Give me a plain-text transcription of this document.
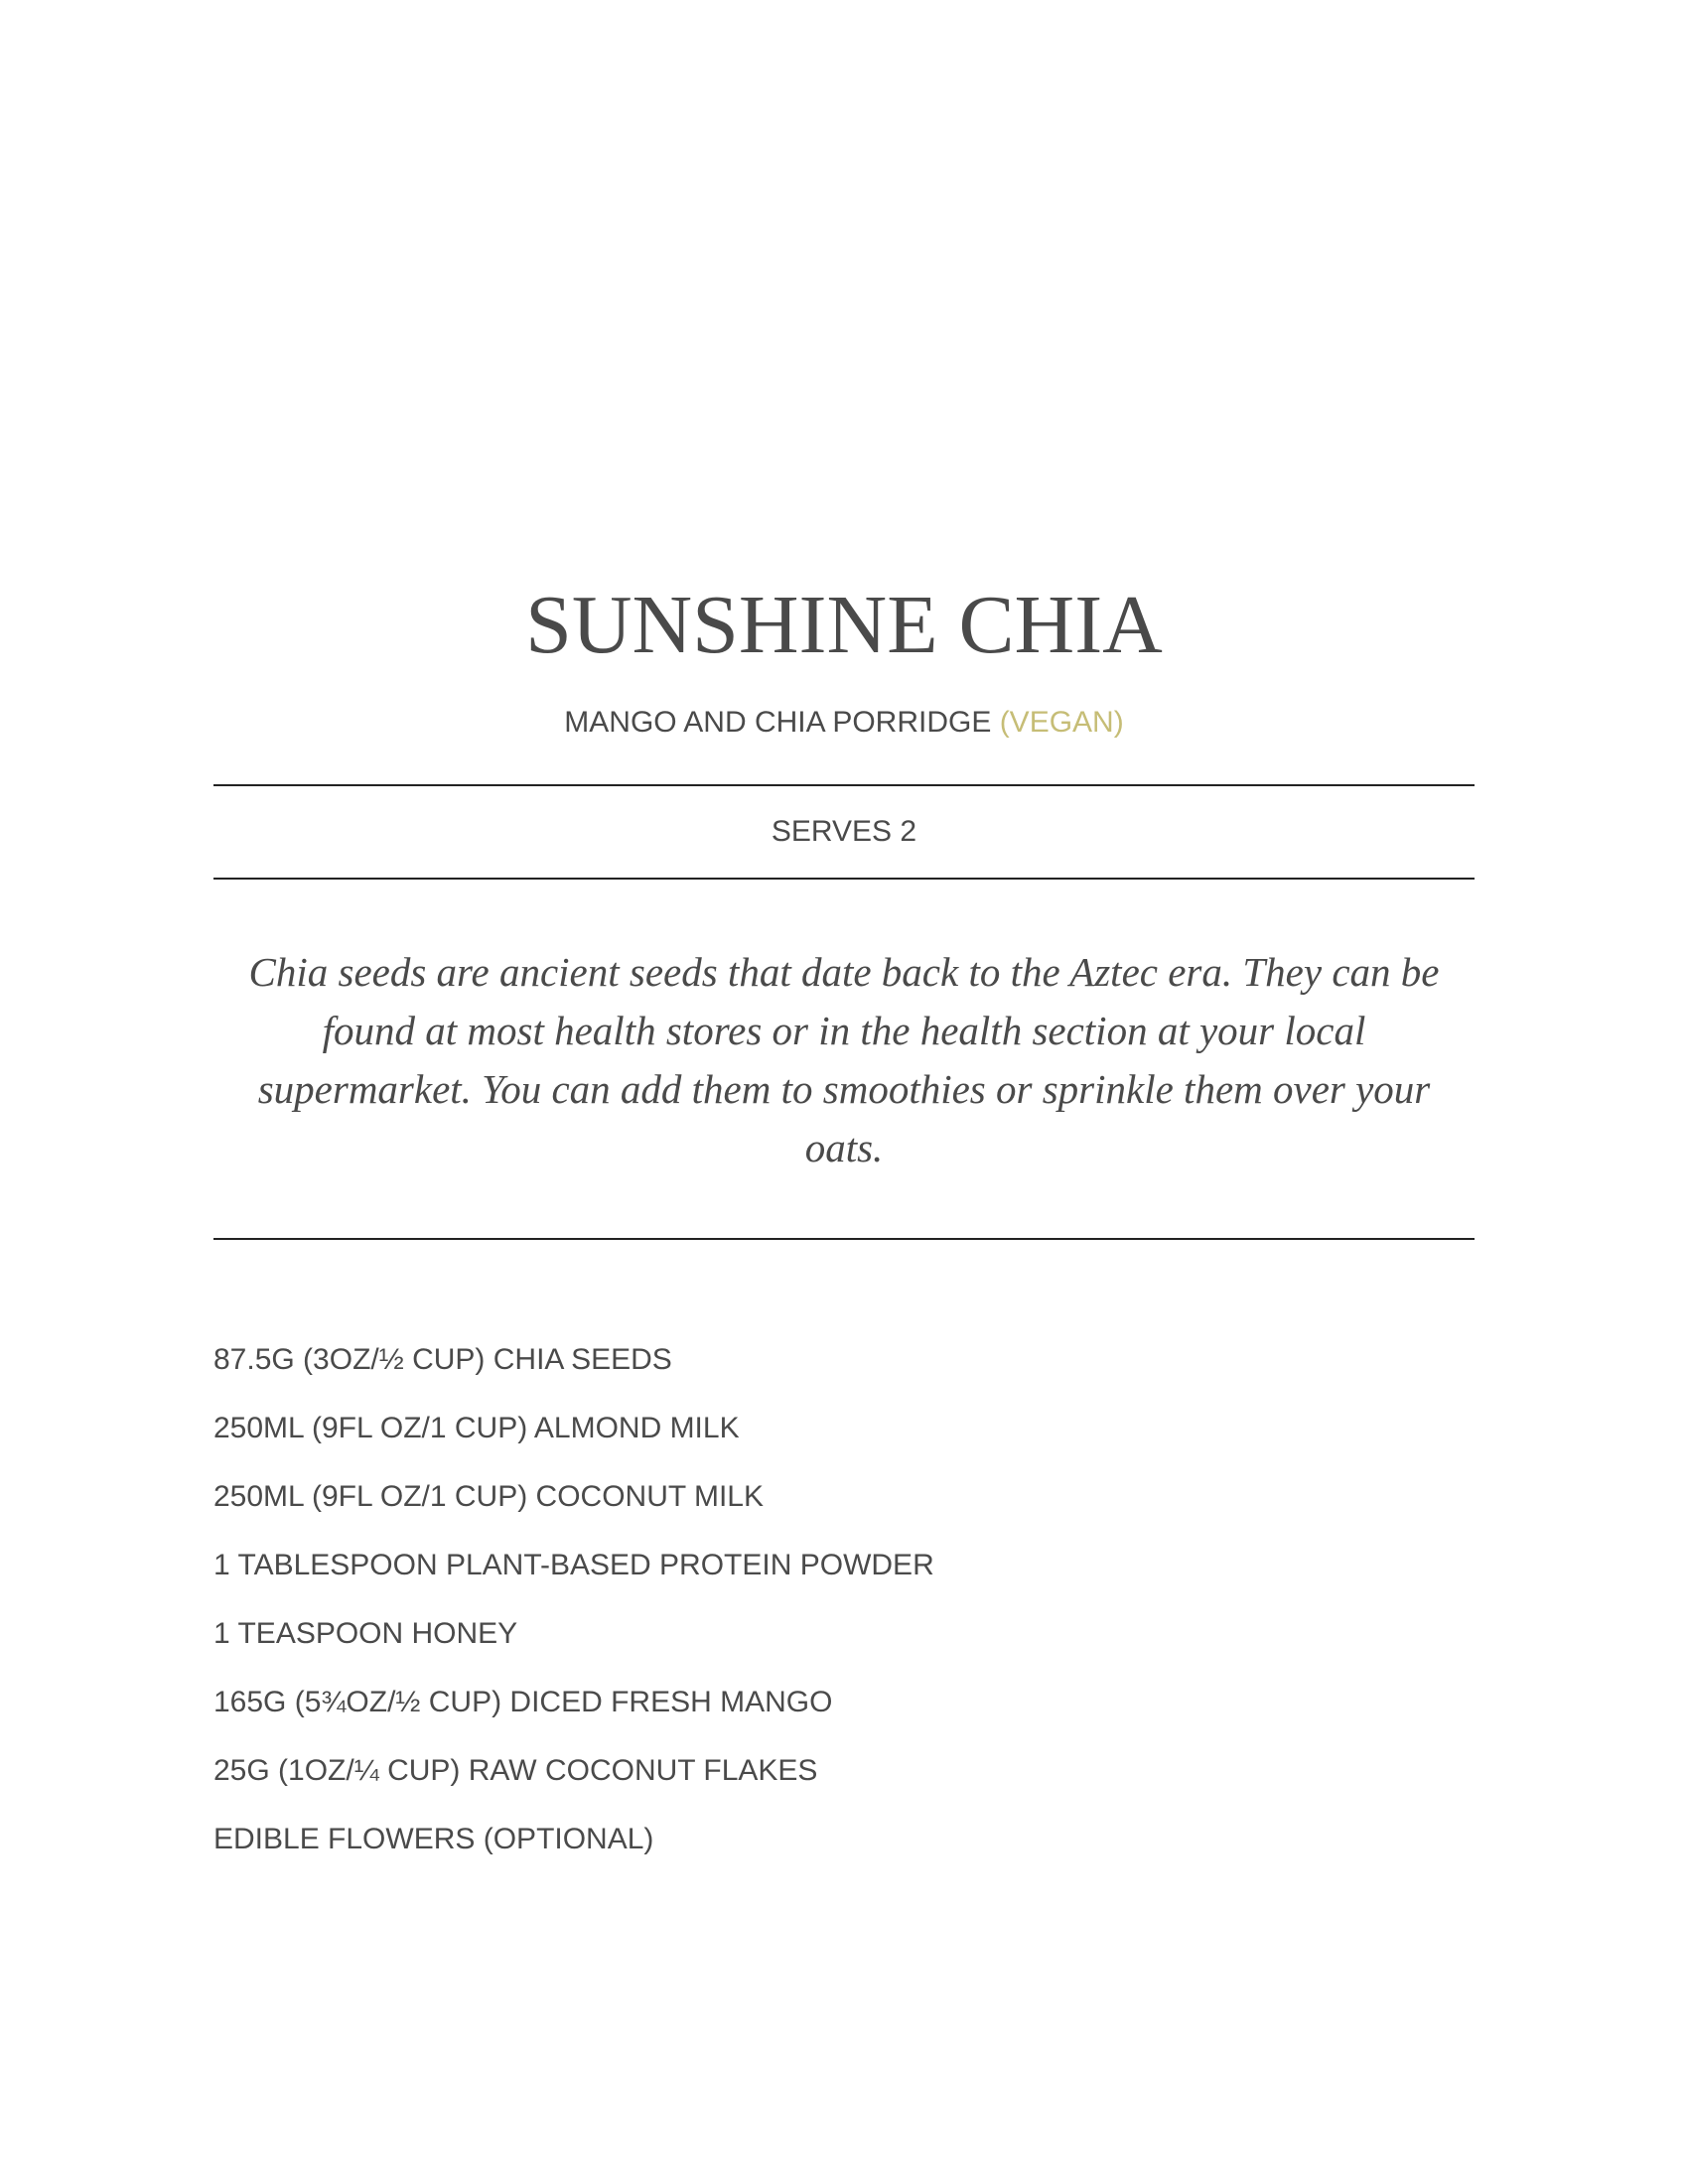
SUNSHINE CHIA

MANGO AND CHIA PORRIDGE (VEGAN)

SERVES 2

Chia seeds are ancient seeds that date back to the Aztec era. They can be found at most health stores or in the health section at your local supermarket. You can add them to smoothies or sprinkle them over your oats.

87.5G (3OZ/½ CUP) CHIA SEEDS
250ML (9FL OZ/1 CUP) ALMOND MILK
250ML (9FL OZ/1 CUP) COCONUT MILK
1 TABLESPOON PLANT-BASED PROTEIN POWDER
1 TEASPOON HONEY
165G (5¾OZ/½ CUP) DICED FRESH MANGO
25G (1OZ/¼ CUP) RAW COCONUT FLAKES
EDIBLE FLOWERS (OPTIONAL)
